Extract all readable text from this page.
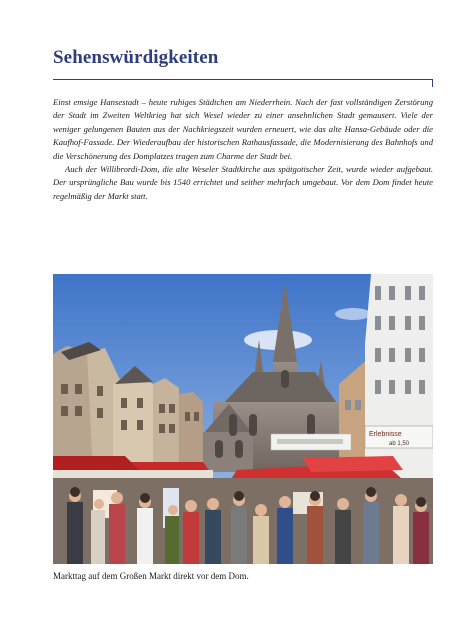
Sehenswürdigkeiten

Einst emsige Hansestadt – heute ruhiges Städtchen am Niederrhein. Nach der fast vollständigen Zerstörung der Stadt im Zweiten Weltkrieg hat sich Wesel wieder zu einer ansehnlichen Stadt gemausert. Viele der weniger gelungenen Bauten aus der Nachkriegszeit wurden erneuert, wie das alte Hansa-Gebäude oder die Kaufhof-Fassade. Der Wiederaufbau der historischen Rathausfassade, die Modernisierung des Bahnhofs und die Verschönerung des Domplatzes tragen zum Charme der Stadt bei.

Auch der Willibrordi-Dom, die alte Weseler Stadtkirche aus spätgotischer Zeit, wurde wieder aufgebaut. Der ursprüngliche Bau wurde bis 1540 errichtet und seither mehrfach umgebaut. Vor dem Dom findet heute regelmäßig der Markt statt.

Erlebnisse
ab 1,50
Markttag auf dem Großen Markt direkt vor dem Dom.
